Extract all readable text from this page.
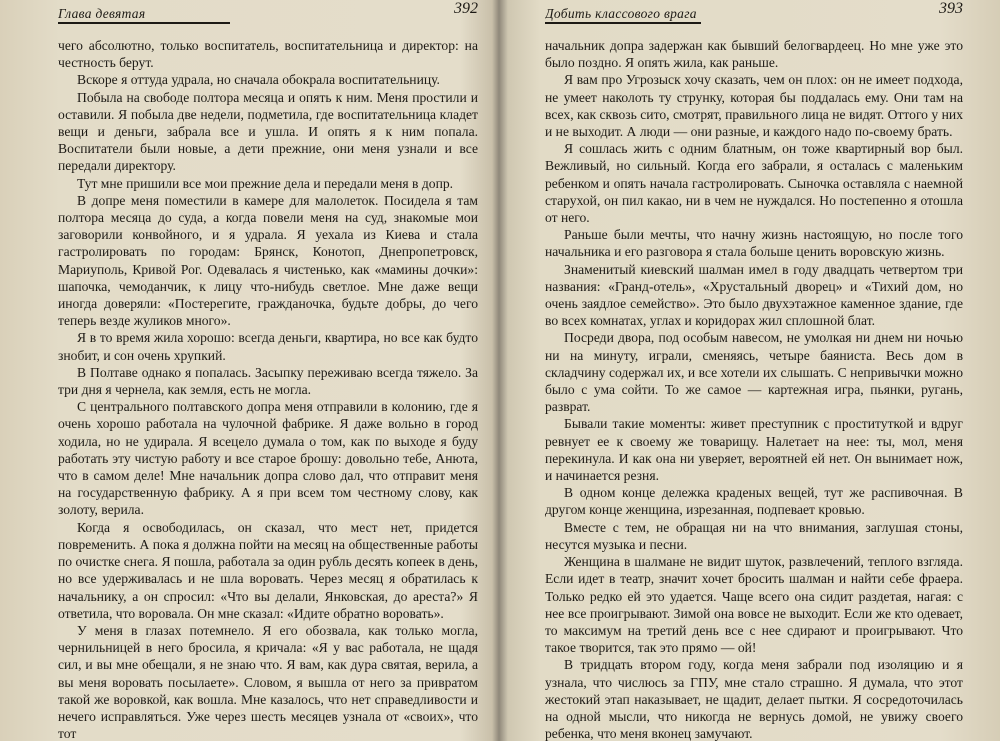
Глава девятая	392

чего абсолютно, только воспитатель, воспитательница и директор: на честность берут.

Вскоре я оттуда удрала, но сначала обокрала воспитательницу.

Побыла на свободе полтора месяца и опять к ним. Меня простили и оставили. Я побыла две недели, подметила, где воспитательница кладет вещи и деньги, забрала все и ушла. И опять я к ним попала. Воспитатели были новые, а дети прежние, они меня узнали и все передали директору.

Тут мне пришили все мои прежние дела и передали меня в допр.

В допре меня поместили в камере для малолеток. Посидела я там полтора месяца до суда, а когда повели меня на суд, знакомые мои заговорили конвойного, и я удрала. Я уехала из Киева и стала гастролировать по городам: Брянск, Конотоп, Днепропетровск, Мариуполь, Кривой Рог. Одевалась я чистенько, как «мамины дочки»: шапочка, чемоданчик, к лицу что-нибудь светлое. Мне даже вещи иногда доверяли: «Постерегите, гражданочка, будьте добры, до чего теперь везде жуликов много».

Я в то время жила хорошо: всегда деньги, квартира, но все как будто знобит, и сон очень хрупкий.

В Полтаве однако я попалась. Засыпку переживаю всегда тяжело. За три дня я чернела, как земля, есть не могла.

С центрального полтавского допра меня отправили в колонию, где я очень хорошо работала на чулочной фабрике. Я даже вольно в город ходила, но не удирала. Я всецело думала о том, как по выходе я буду работать эту чистую работу и все старое брошу: довольно тебе, Анюта, что в самом деле! Мне начальник допра слово дал, что отправит меня на государственную фабрику. А я при всем том честному слову, как золоту, верила.

Когда я освободилась, он сказал, что мест нет, придется повременить. А пока я должна пойти на месяц на общественные работы по очистке снега. Я пошла, работала за один рубль десять копеек в день, но все удерживалась и не шла воровать. Через месяц я обратилась к начальнику, а он спросил: «Что вы делали, Янковская, до ареста?» Я ответила, что воровала. Он мне сказал: «Идите обратно воровать».

У меня в глазах потемнело. Я его обозвала, как только могла, чернильницей в него бросила, я кричала: «Я у вас работала, не щадя сил, и вы мне обещали, я не знаю что. Я вам, как дура святая, верила, а вы меня воровать посылаете». Словом, я вышла от него за привратом такой же воровкой, как вошла. Мне казалось, что нет справедливости и нечего исправляться. Уже через шесть месяцев узнала от «своих», что тот

Добить классового врага	393

начальник допра задержан как бывший белогвардеец. Но мне уже это было поздно. Я опять жила, как раньше.

Я вам про Угрозыск хочу сказать, чем он плох: он не имеет подхода, не умеет наколоть ту струнку, которая бы поддалась ему. Они там на всех, как сквозь сито, смотрят, правильного лица не видят. Оттого у них и не выходит. А люди — они разные, и каждого надо по-своему брать.

Я сошлась жить с одним блатным, он тоже квартирный вор был. Вежливый, но сильный. Когда его забрали, я осталась с маленьким ребенком и опять начала гастролировать. Сыночка оставляла с наемной старухой, он пил какао, ни в чем не нуждался. Но постепенно я отошла от него.

Раньше были мечты, что начну жизнь настоящую, но после того начальника и его разговора я стала больше ценить воровскую жизнь.

Знаменитый киевский шалман имел в году двадцать четвертом три названия: «Гранд-отель», «Хрустальный дворец» и «Тихий дом, но очень заядлое семейство». Это было двухэтажное каменное здание, где во всех комнатах, углах и коридорах жил сплошной блат.

Посреди двора, под особым навесом, не умолкая ни днем ни ночью ни на минуту, играли, сменяясь, четыре баяниста. Весь дом в складчину содержал их, и все хотели их слышать. С непривычки можно было с ума сойти. То же самое — картежная игра, пьянки, ругань, разврат.

Бывали такие моменты: живет преступник с проституткой и вдруг ревнует ее к своему же товарищу. Налетает на нее: ты, мол, меня перекинула. И как она ни уверяет, вероятней ей нет. Он вынимает нож, и начинается резня.

В одном конце дележка краденых вещей, тут же распивочная. В другом конце женщина, изрезанная, подпевает кровью.

Вместе с тем, не обращая ни на что внимания, заглушая стоны, несутся музыка и песни.

Женщина в шалмане не видит шуток, развлечений, теплого взгляда. Если идет в театр, значит хочет бросить шалман и найти себе фраера. Только редко ей это удается. Чаще всего она сидит раздетая, нагая: с нее все проигрывают. Зимой она вовсе не выходит. Если же кто одевает, то максимум на третий день все с нее сдирают и проигрывают. Что такое творится, так это прямо — ой!

В тридцать втором году, когда меня забрали под изоляцию и я узнала, что числюсь за ГПУ, мне стало страшно. Я думала, что этот жестокий этап наказывает, не щадит, делает пытки. Я сосредоточилась на одной мысли, что никогда не вернусь домой, не увижу своего ребенка, что меня вконец замучают.
